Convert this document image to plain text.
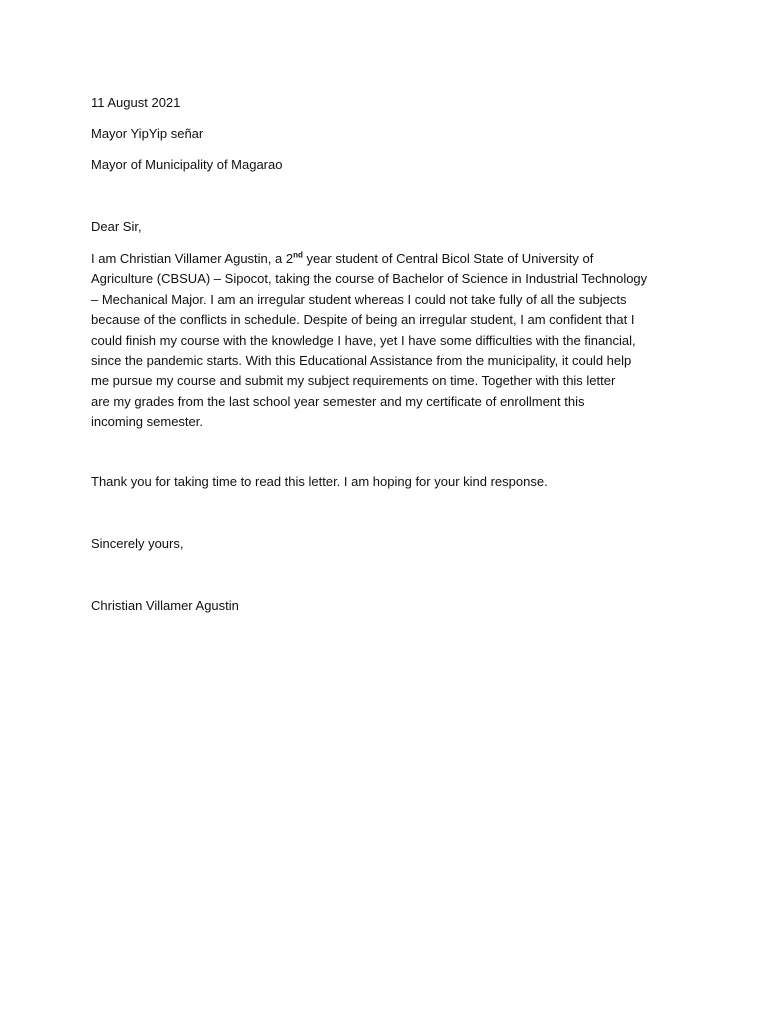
11 August 2021

Mayor YipYip señar

Mayor of Municipality of Magarao

Dear Sir,

I am Christian Villamer Agustin, a 2nd year student of Central Bicol State of University of
Agriculture (CBSUA) – Sipocot, taking the course of Bachelor of Science in Industrial Technology
– Mechanical Major. I am an irregular student whereas I could not take fully of all the subjects
because of the conflicts in schedule. Despite of being an irregular student, I am confident that I
could finish my course with the knowledge I have, yet I have some difficulties with the financial,
since the pandemic starts. With this Educational Assistance from the municipality, it could help
me pursue my course and submit my subject requirements on time. Together with this letter
are my grades from the last school year semester and my certificate of enrollment this
incoming semester.

Thank you for taking time to read this letter. I am hoping for your kind response.

Sincerely yours,

Christian Villamer Agustin
